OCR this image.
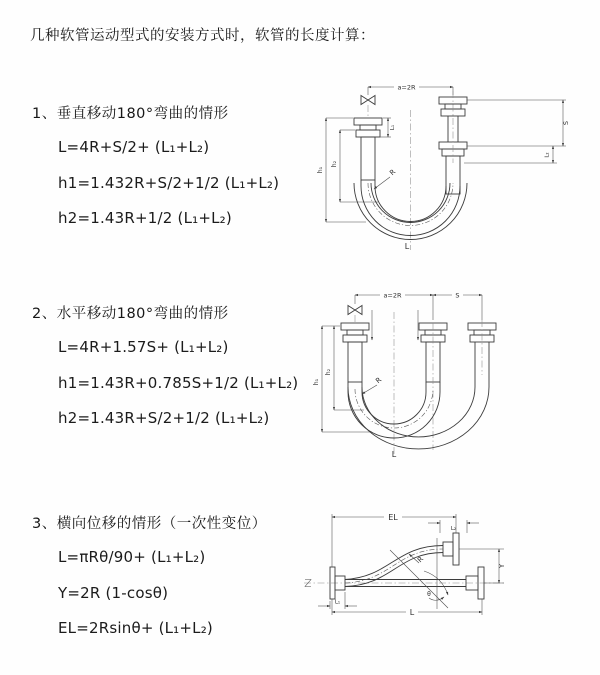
几种软管运动型式的安装方式时，软管的长度计算：

1、垂直移动180°弯曲的情形

L=4R+S/2+ (L₁+L₂)

h1=1.432R+S/2+1/2 (L₁+L₂)

h2=1.43R+1/2 (L₁+L₂)

2、水平移动180°弯曲的情形

L=4R+1.57S+ (L₁+L₂)

h1=1.43R+0.785S+1/2 (L₁+L₂)

h2=1.43R+S/2+1/2 (L₁+L₂)

3、横向位移的情形（一次性变位）

L=πRθ/90+ (L₁+L₂)

Y=2R (1-cosθ)

EL=2Rsinθ+ (L₁+L₂)

a=2R
L₁
S
L₂
h₁
h₂
R
L
a=2R	S
h₁
h₂
R
L
θ
R
EL
L₂
Y
L
L₁
